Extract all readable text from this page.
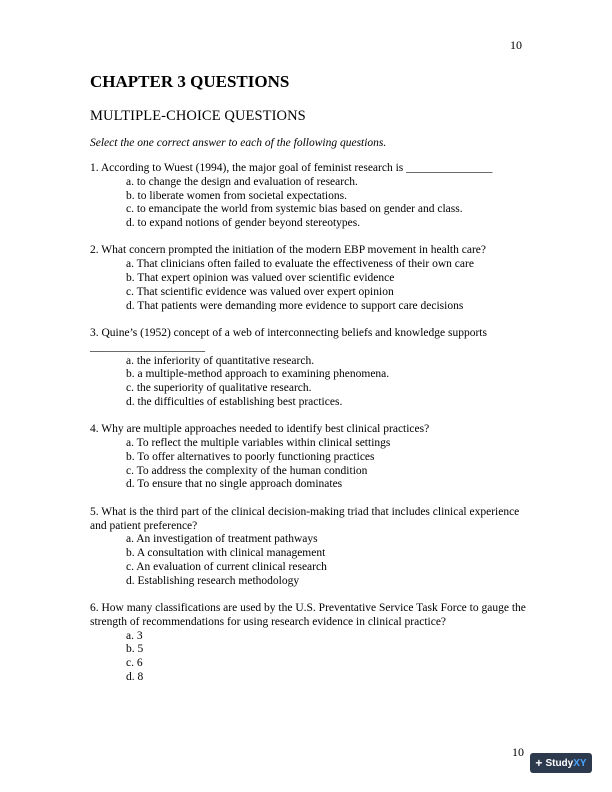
10
CHAPTER 3 QUESTIONS
MULTIPLE-CHOICE QUESTIONS

Select the one correct answer to each of the following questions.

1. According to Wuest (1994), the major goal of feminist research is _______________

a. to change the design and evaluation of research.
b. to liberate women from societal expectations.
c. to emancipate the world from systemic bias based on gender and class.
d. to expand notions of gender beyond stereotypes.

2. What concern prompted the initiation of the modern EBP movement in health care?

a. That clinicians often failed to evaluate the effectiveness of their own care
b. That expert opinion was valued over scientific evidence
c. That scientific evidence was valued over expert opinion
d. That patients were demanding more evidence to support care decisions

3. Quine’s (1952) concept of a web of interconnecting beliefs and knowledge supports ____________________

a. the inferiority of quantitative research.
b. a multiple-method approach to examining phenomena.
c. the superiority of qualitative research.
d. the difficulties of establishing best practices.

4. Why are multiple approaches needed to identify best clinical practices?

a. To reflect the multiple variables within clinical settings
b. To offer alternatives to poorly functioning practices
c. To address the complexity of the human condition
d. To ensure that no single approach dominates

5. What is the third part of the clinical decision-making triad that includes clinical experience and patient preference?

a. An investigation of treatment pathways
b. A consultation with clinical management
c. An evaluation of current clinical research
d. Establishing research methodology

6. How many classifications are used by the U.S. Preventative Service Task Force to gauge the strength of recommendations for using research evidence in clinical practice?

a. 3
b. 5
c. 6
d. 8
10
+ StudyXY
